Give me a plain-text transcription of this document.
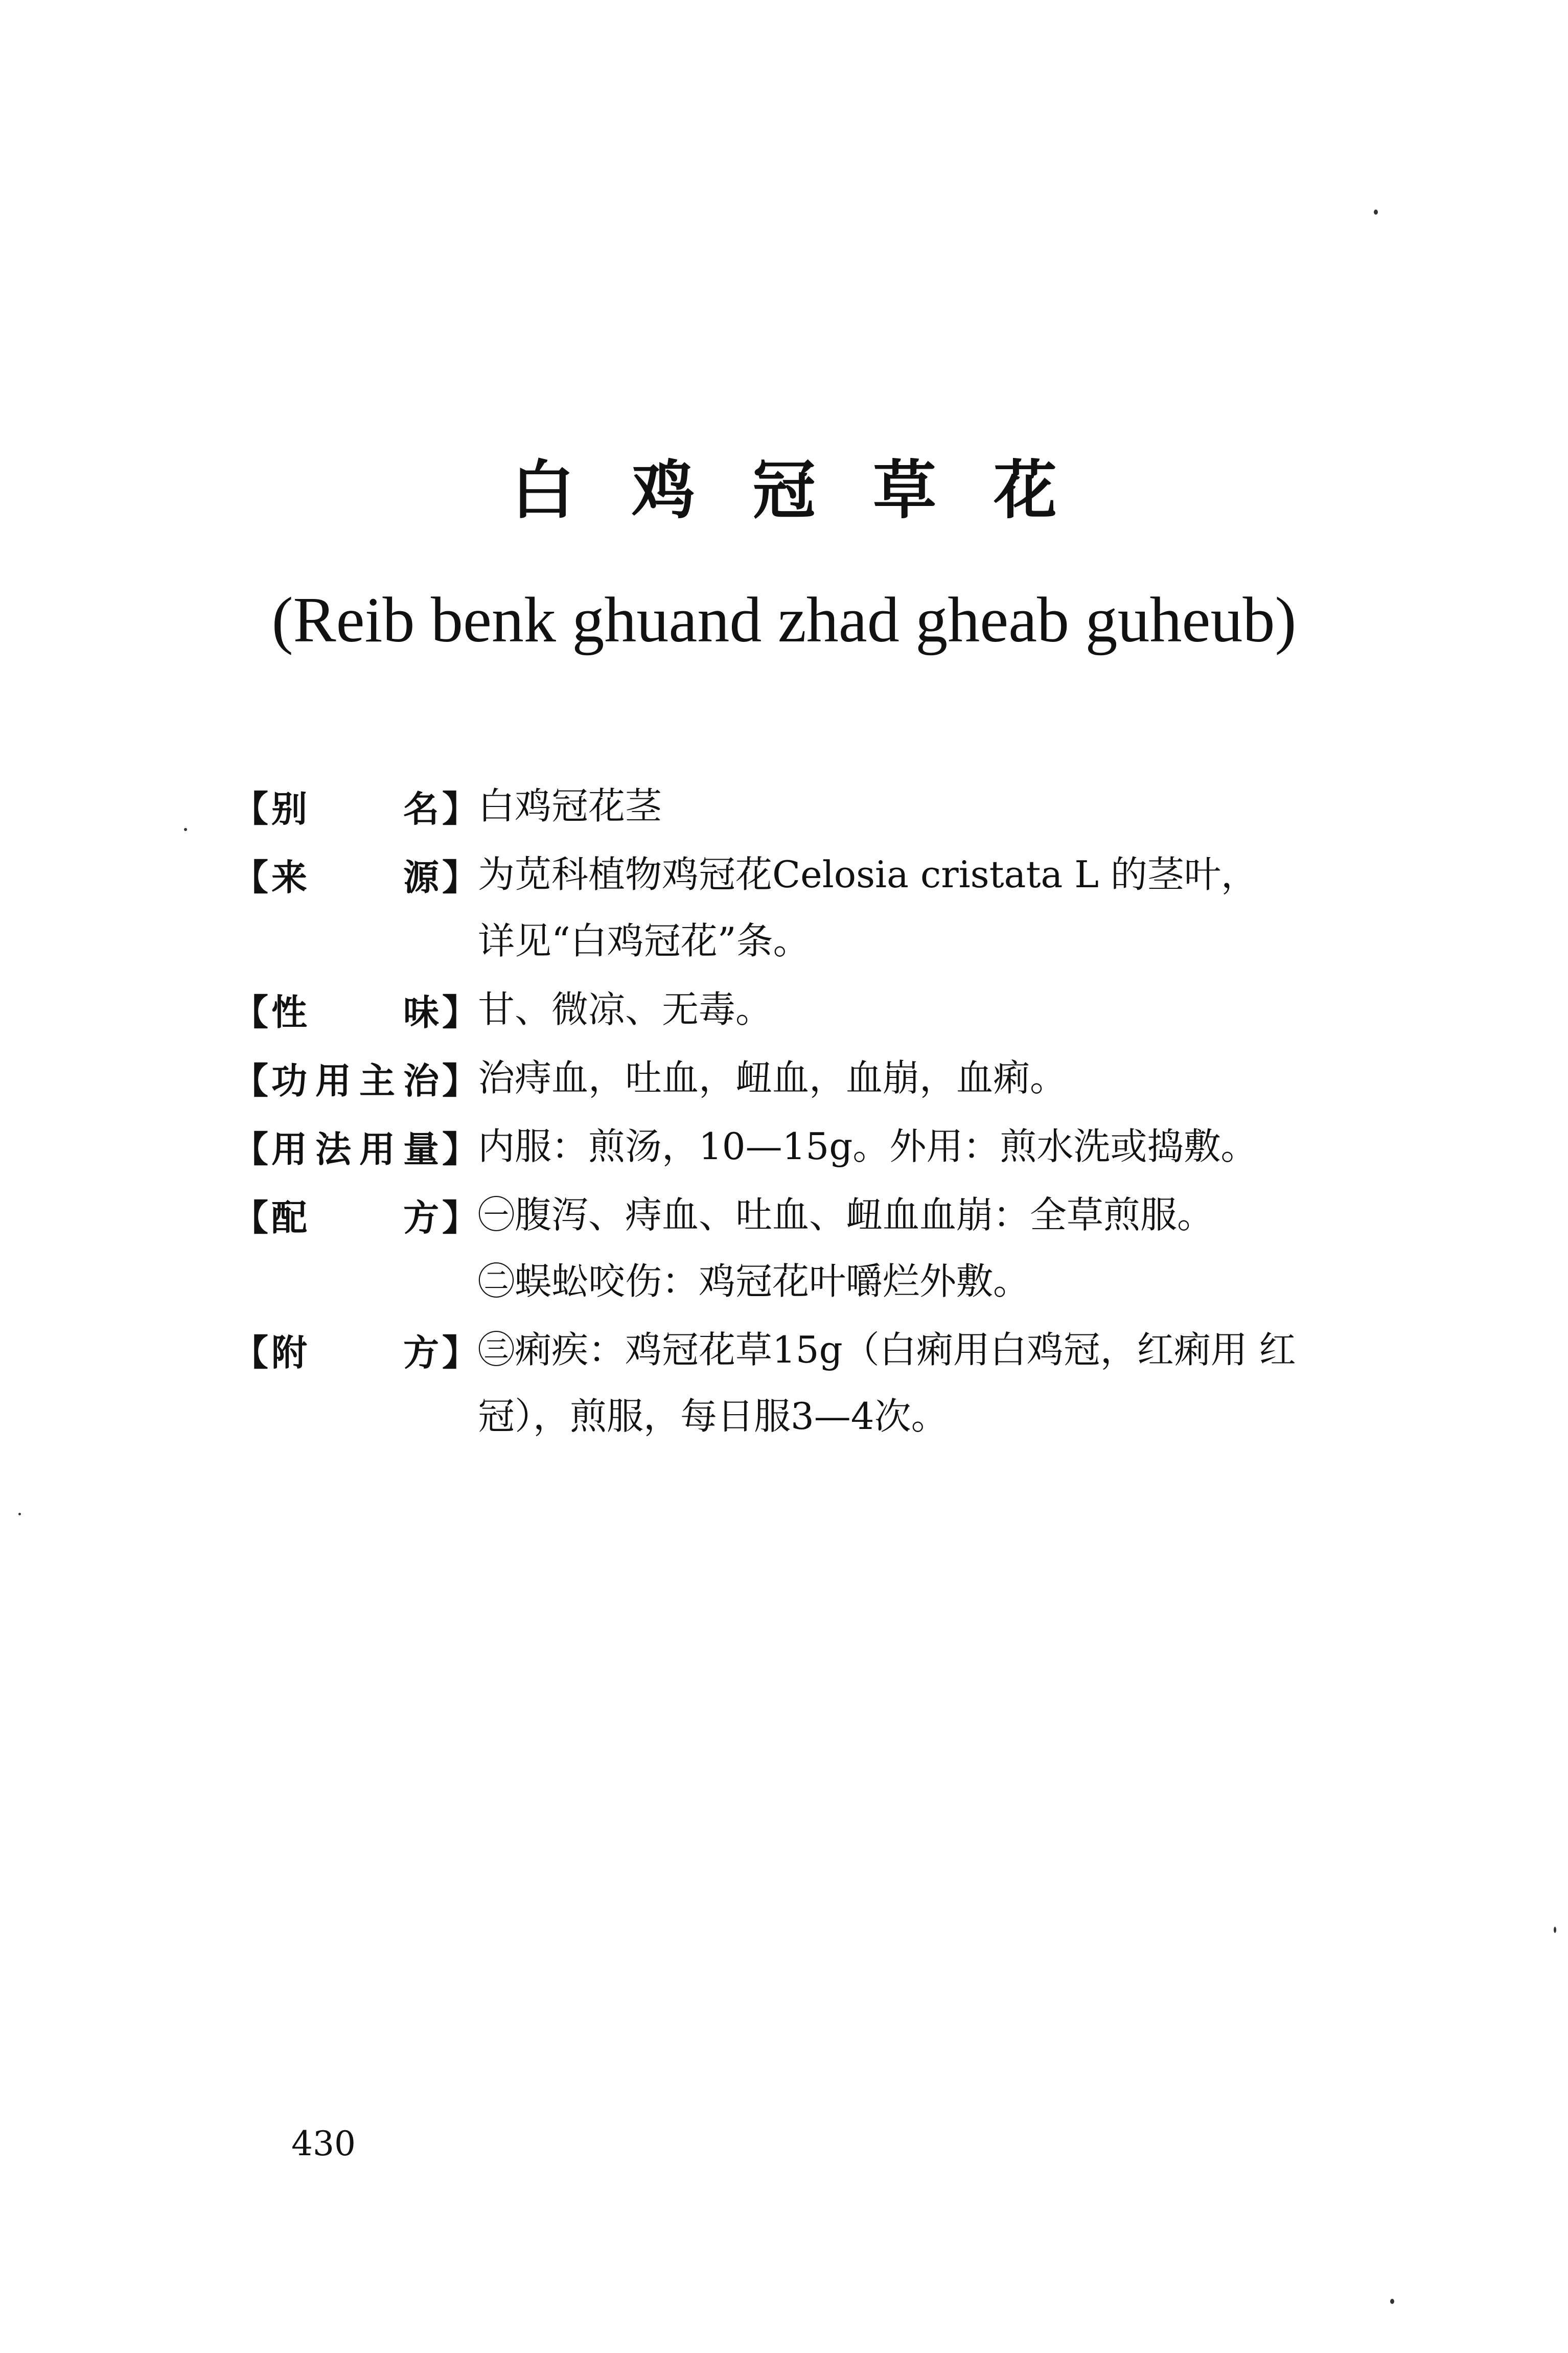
白鸡冠草花
(Reib benk ghuand zhad gheab guheub)
【 别名 】 白鸡冠花茎
【 来源 】 为苋科植物鸡冠花Celosia cristata L 的茎叶，
详见“白鸡冠花”条。
【 性味 】 甘、微凉、无毒。
【 功用主治 】 治痔血，吐血，衄血，血崩，血痢。
【 用法用量 】 内服：煎汤，10—15g。外用：煎水洗或捣敷。
【 配方 】 ㊀腹泻、痔血、吐血、衄血血崩：全草煎服。
㊁蜈蚣咬伤：鸡冠花叶嚼烂外敷。
【 附方 】 ㊂痢疾：鸡冠花草15g（白痢用白鸡冠，红痢用 红
冠），煎服，每日服3—4次。
430
